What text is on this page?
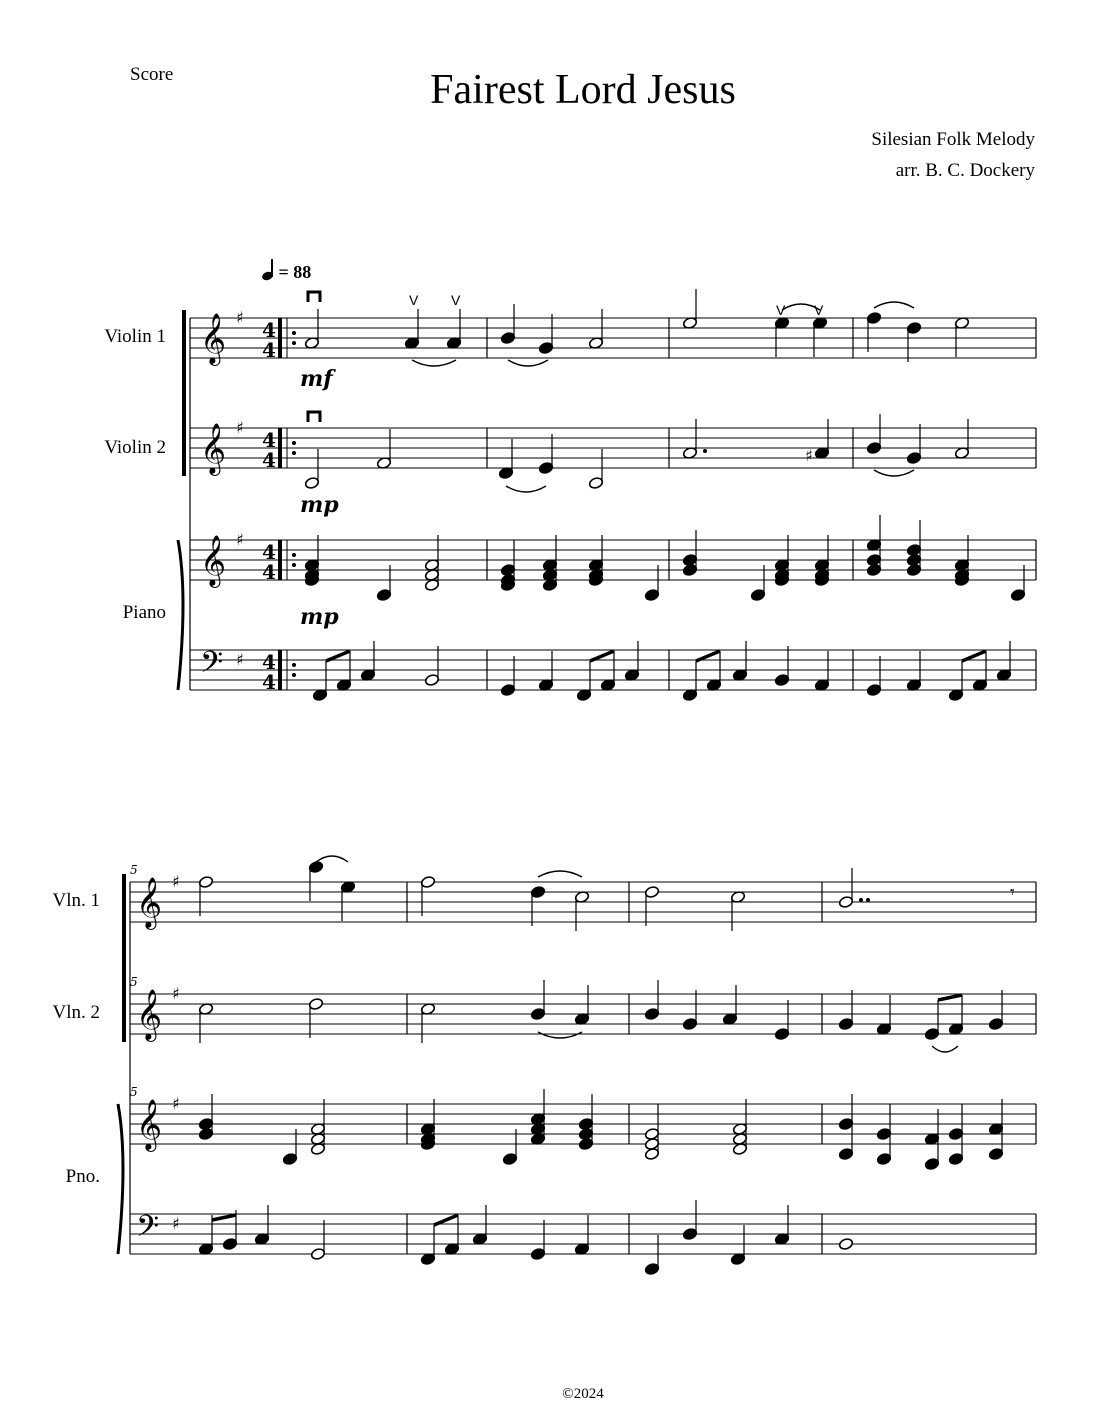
Score	Fairest Lord Jesus
Silesian Folk Melody
arr. B. C. Dockery
= 88
Violin 1
Violin 2
Piano
Vln. 1
Vln. 2
Pno.
©2024
𝄞 ♯
4
4
𝄞 ♯
4
4
𝄞 ♯
4
4
𝄢 ♯ 4
4
V V
V V
♯
mf
mp
mp
𝄞 ♯
𝄞 ♯
𝄞 ♯
𝄢 ♯
5
5
5
𝄾
